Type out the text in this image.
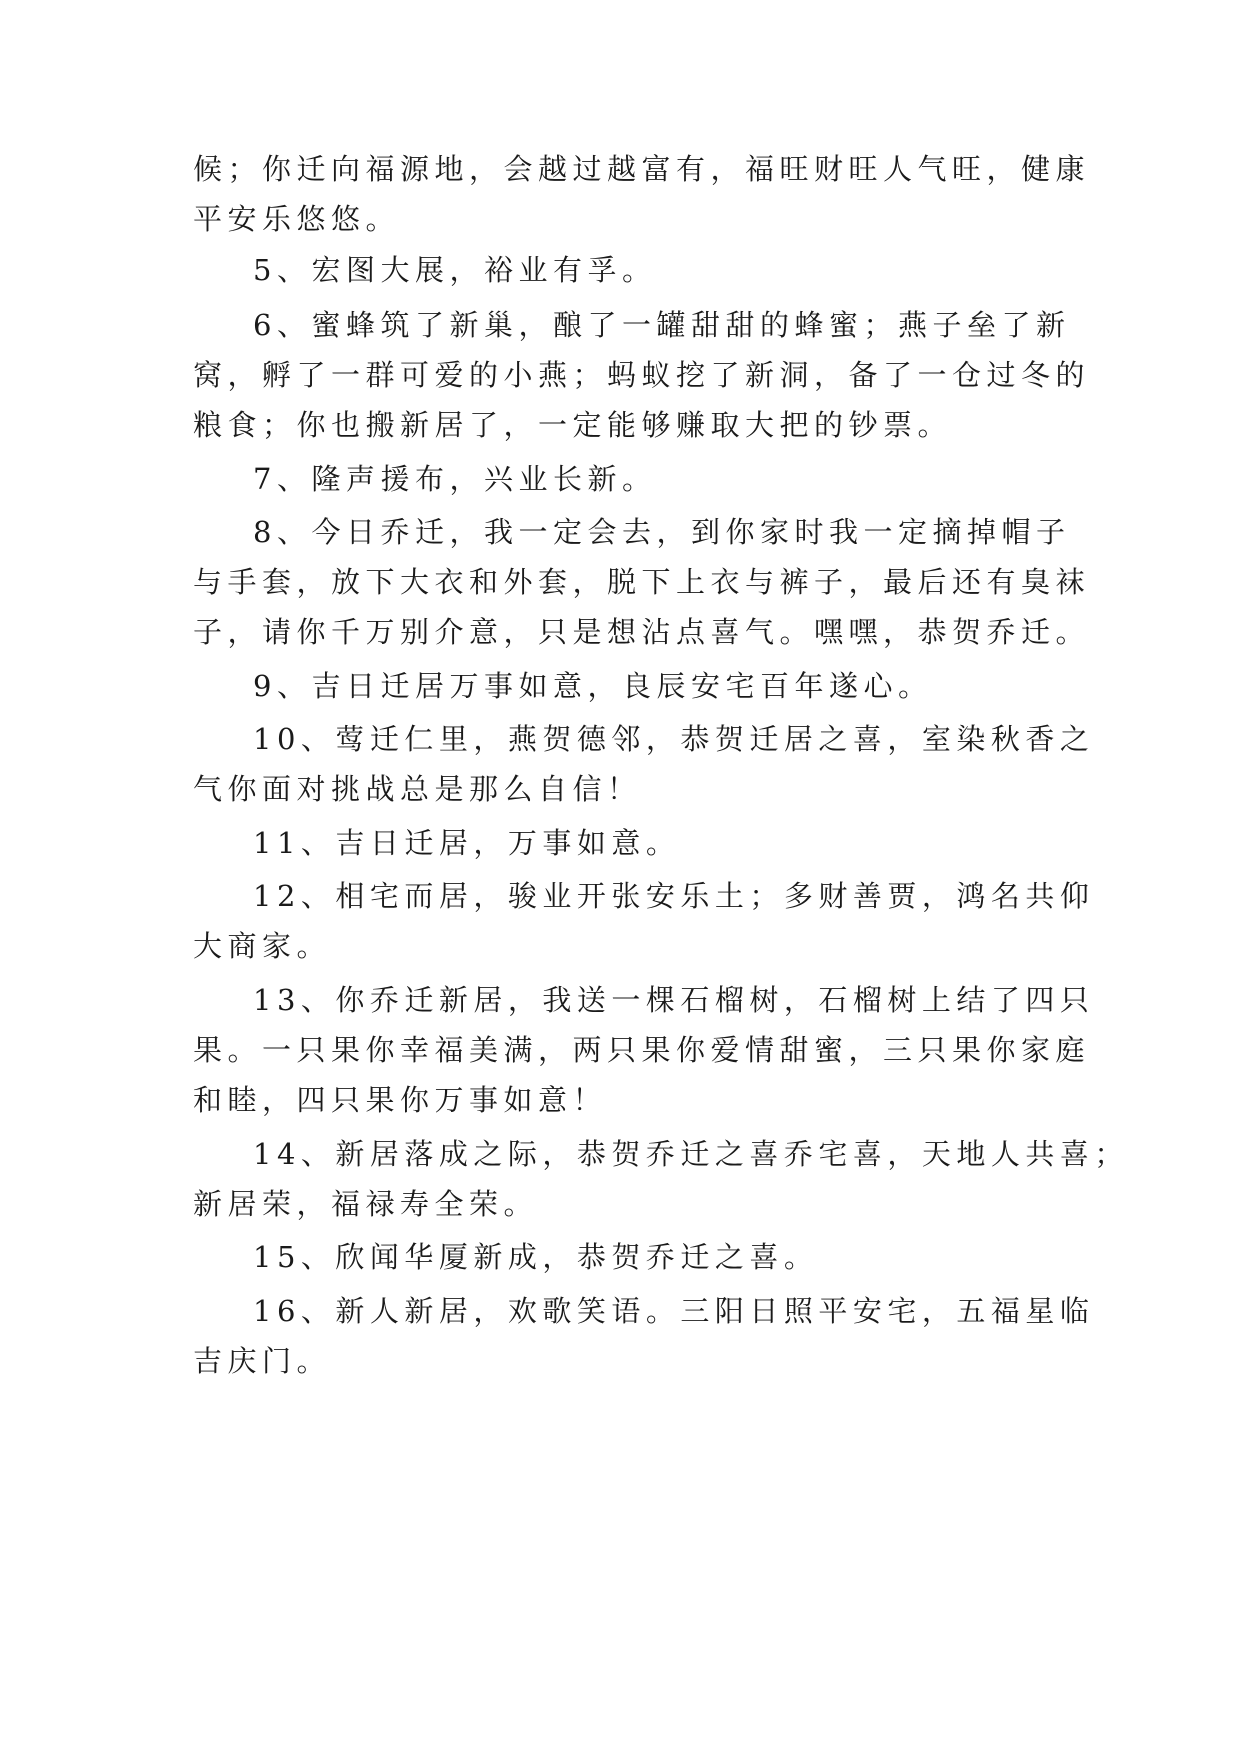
候；你迁向福源地，会越过越富有，福旺财旺人气旺，健康
平安乐悠悠。
5、宏图大展，裕业有孚。
6、蜜蜂筑了新巢，酿了一罐甜甜的蜂蜜；燕子垒了新
窝，孵了一群可爱的小燕；蚂蚁挖了新洞，备了一仓过冬的
粮食；你也搬新居了，一定能够赚取大把的钞票。
7、隆声援布，兴业长新。
8、今日乔迁，我一定会去，到你家时我一定摘掉帽子
与手套，放下大衣和外套，脱下上衣与裤子，最后还有臭袜
子，请你千万别介意，只是想沾点喜气。嘿嘿，恭贺乔迁。
9、吉日迁居万事如意，良辰安宅百年遂心。
10、莺迁仁里，燕贺德邻，恭贺迁居之喜，室染秋香之
气你面对挑战总是那么自信！
11、吉日迁居，万事如意。
12、相宅而居，骏业开张安乐土；多财善贾，鸿名共仰
大商家。
13、你乔迁新居，我送一棵石榴树，石榴树上结了四只
果。一只果你幸福美满，两只果你爱情甜蜜，三只果你家庭
和睦，四只果你万事如意！
14、新居落成之际，恭贺乔迁之喜乔宅喜，天地人共喜；
新居荣，福禄寿全荣。
15、欣闻华厦新成，恭贺乔迁之喜。
16、新人新居，欢歌笑语。三阳日照平安宅，五福星临
吉庆门。
